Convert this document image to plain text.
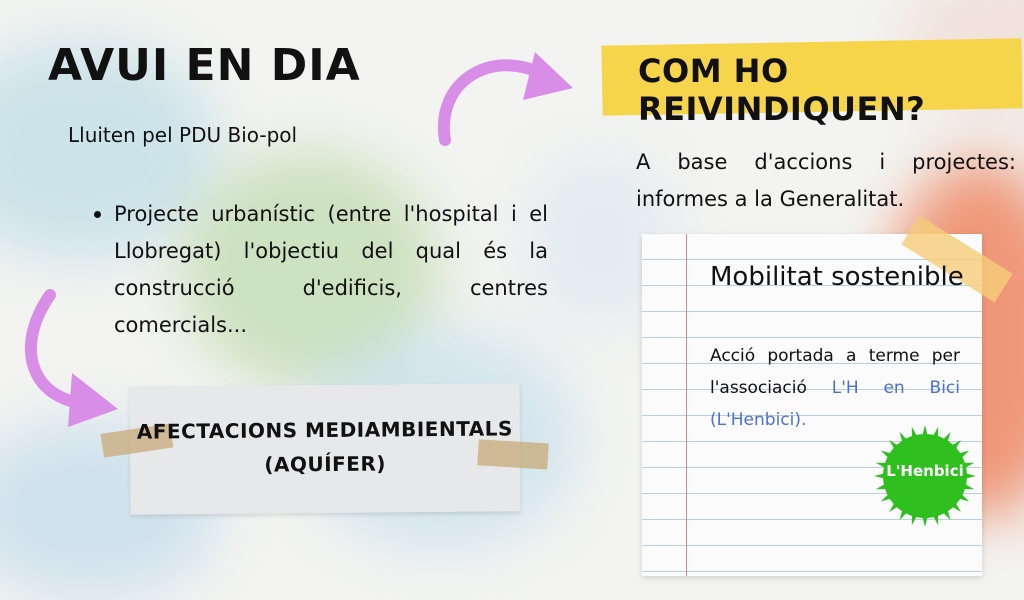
AVUI EN DIA
Lluiten pel PDU Bio-pol
Projecte urbanístic (entre l'hospital i el Llobregat) l'objectiu del qual és la construcció d'edificis, centres comercials...
AFECTACIONS MEDIAMBIENTALS
(AQUÍFER)
COM HO REIVINDIQUEN?
A base d'accions i projectes: informes a la Generalitat.
Mobilitat sostenible
Acció portada a terme per l'associació L'H en Bici (L'Henbici).
L'Henbici
